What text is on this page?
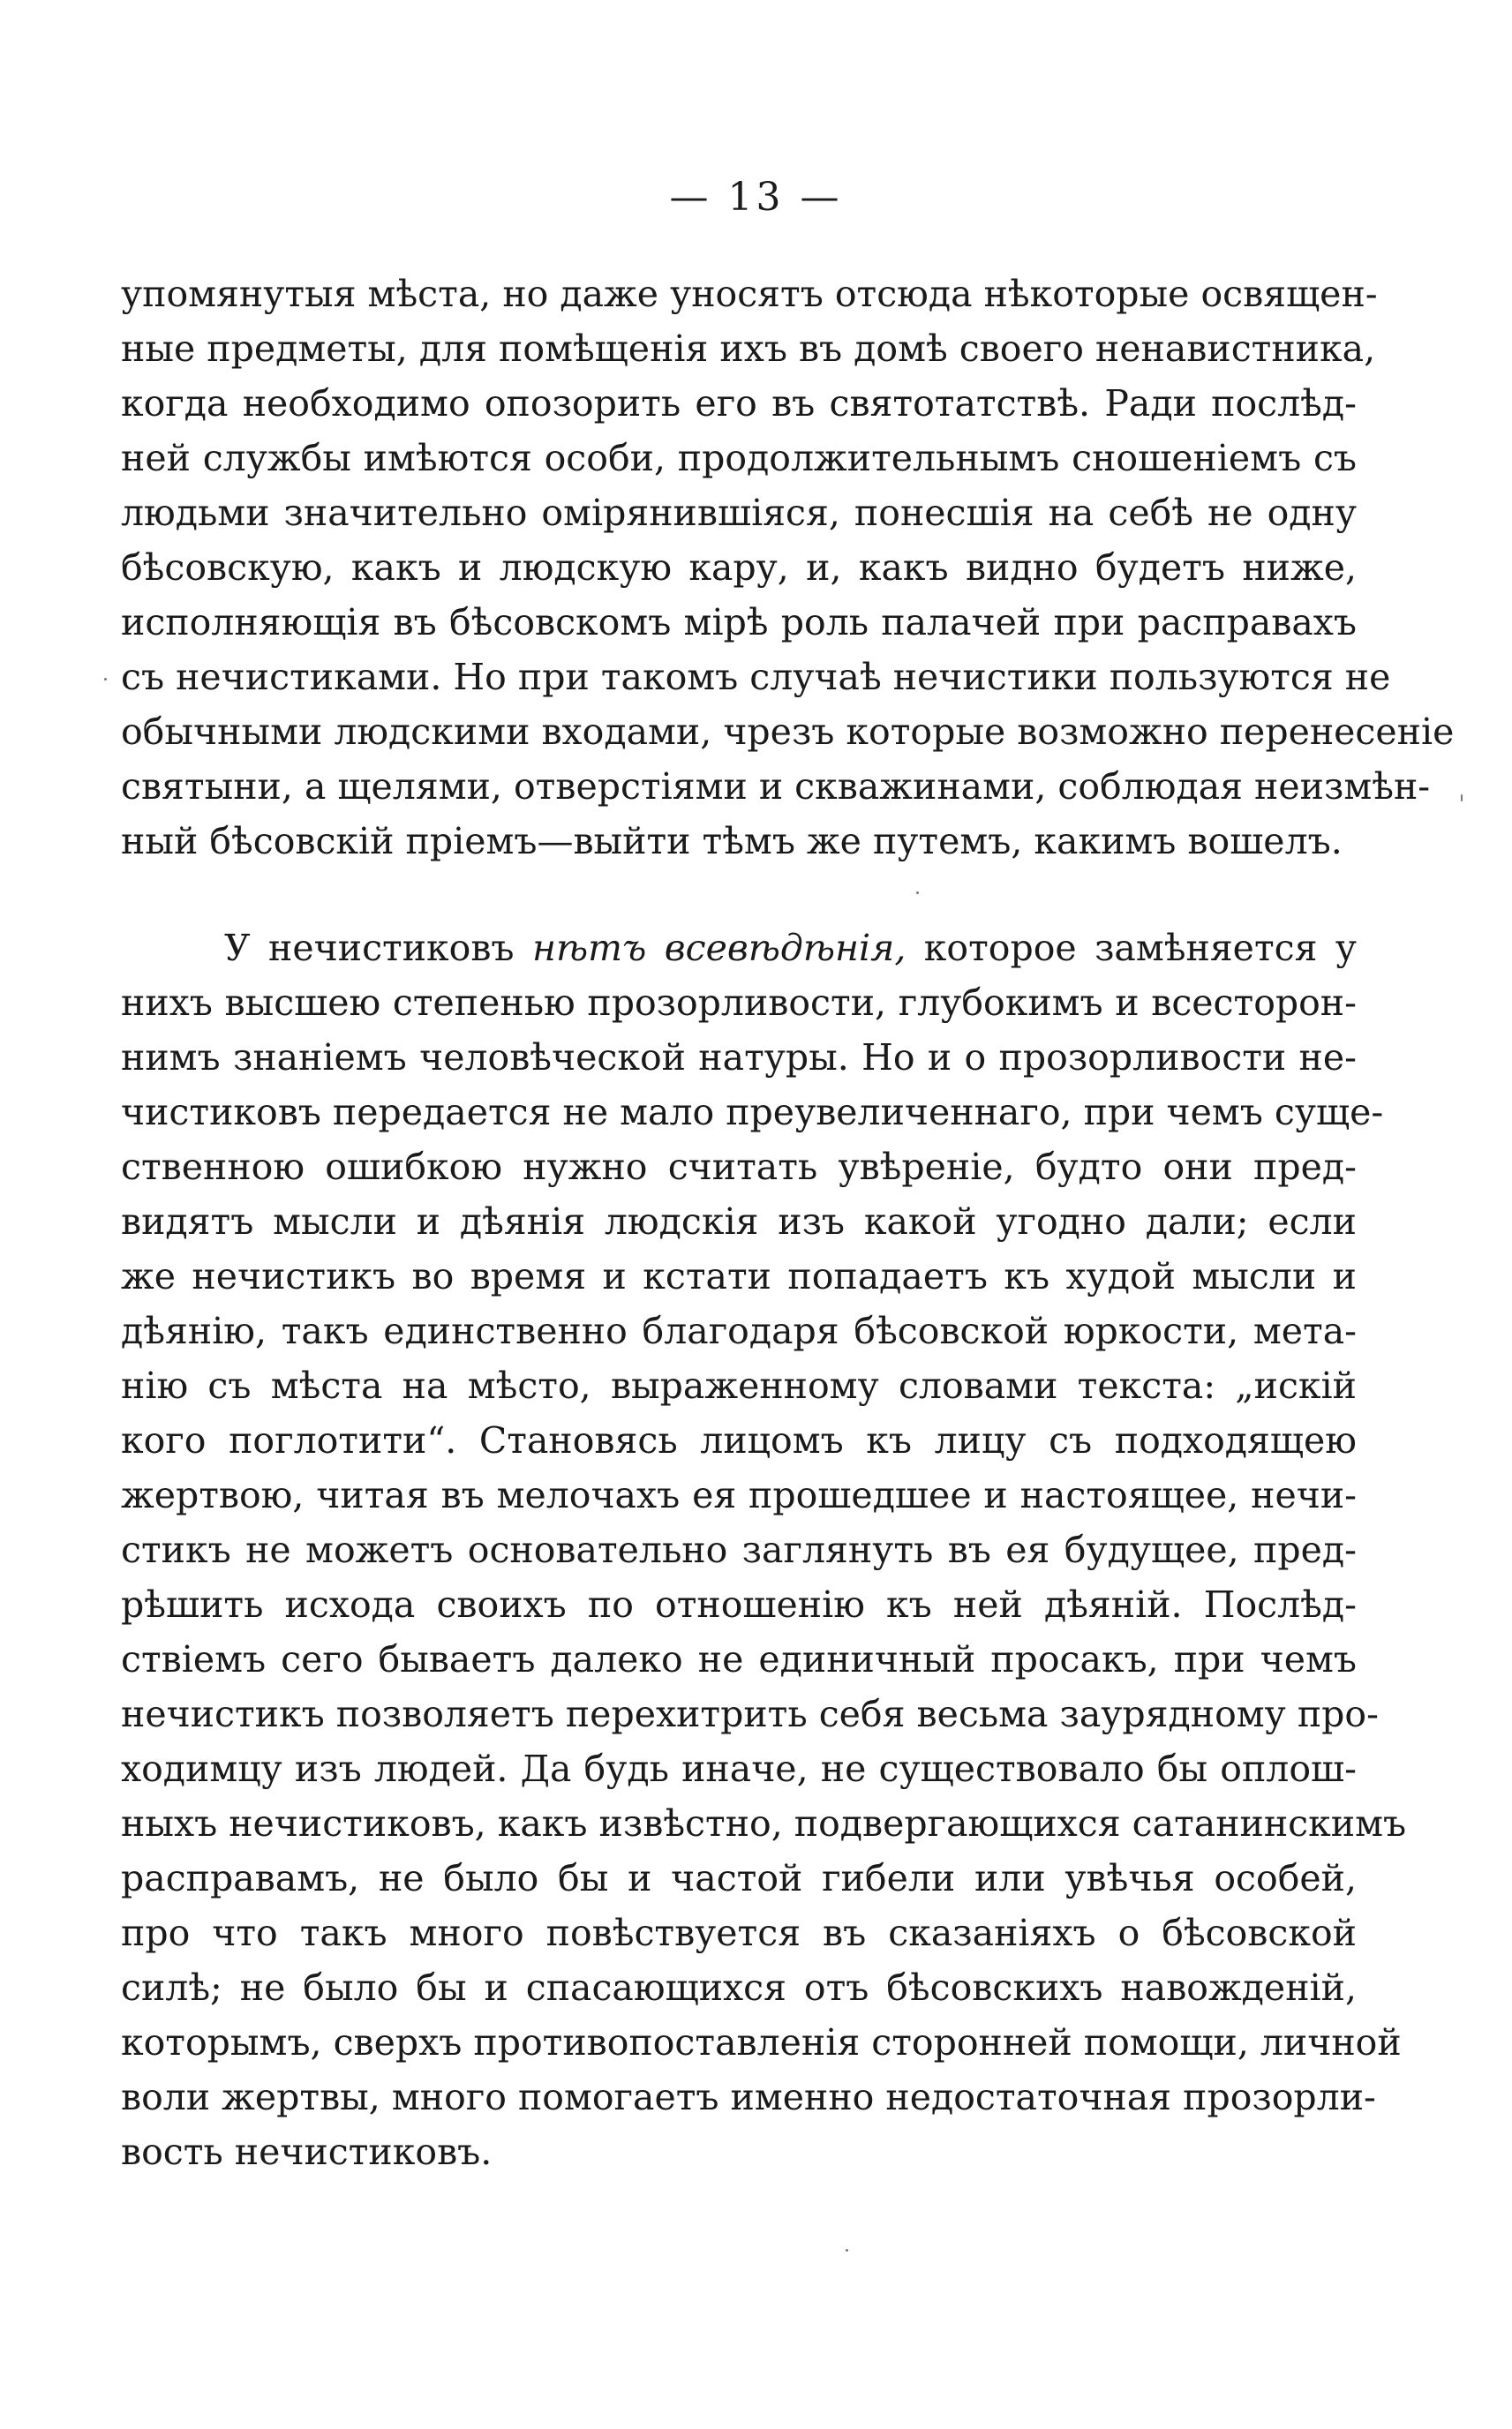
— 13 —
упомянутыя мѣста, но даже уносятъ отсюда нѣкоторые освящен-
ные предметы, для помѣщенія ихъ въ домѣ своего ненавистника,
когда необходимо опозорить его въ святотатствѣ. Ради послѣд-
ней службы имѣются особи, продолжительнымъ сношеніемъ съ
людьми значительно омірянившіяся, понесшія на себѣ не одну
бѣсовскую, какъ и людскую кару, и, какъ видно будетъ ниже,
исполняющія въ бѣсовскомъ мірѣ роль палачей при расправахъ
съ нечистиками. Но при такомъ случаѣ нечистики пользуются не
обычными людскими входами, чрезъ которые возможно перенесеніе
святыни, а щелями, отверстіями и скважинами, соблюдая неизмѣн-
ный бѣсовскій пріемъ—выйти тѣмъ же путемъ, какимъ вошелъ.
У нечистиковъ нѣтъ всевѣдѣнія, которое замѣняется у
нихъ высшею степенью прозорливости, глубокимъ и всесторон-
нимъ знаніемъ человѣческой натуры. Но и о прозорливости не-
чистиковъ передается не мало преувеличеннаго, при чемъ суще-
ственною ошибкою нужно считать увѣреніе, будто они пред-
видятъ мысли и дѣянія людскія изъ какой угодно дали; если
же нечистикъ во время и кстати попадаетъ къ худой мысли и
дѣянію, такъ единственно благодаря бѣсовской юркости, мета-
нію съ мѣста на мѣсто, выраженному словами текста: „искій
кого поглотити“. Становясь лицомъ къ лицу съ подходящею
жертвою, читая въ мелочахъ ея прошедшее и настоящее, нечи-
стикъ не можетъ основательно заглянуть въ ея будущее, пред-
рѣшить исхода своихъ по отношенію къ ней дѣяній. Послѣд-
ствіемъ сего бываетъ далеко не единичный просакъ, при чемъ
нечистикъ позволяетъ перехитрить себя весьма заурядному про-
ходимцу изъ людей. Да будь иначе, не существовало бы оплош-
ныхъ нечистиковъ, какъ извѣстно, подвергающихся сатанинскимъ
расправамъ, не было бы и частой гибели или увѣчья особей,
про что такъ много повѣствуется въ сказаніяхъ о бѣсовской
силѣ; не было бы и спасающихся отъ бѣсовскихъ навожденій,
которымъ, сверхъ противопоставленія сторонней помощи, личной
воли жертвы, много помогаетъ именно недостаточная прозорли-
вость нечистиковъ.
